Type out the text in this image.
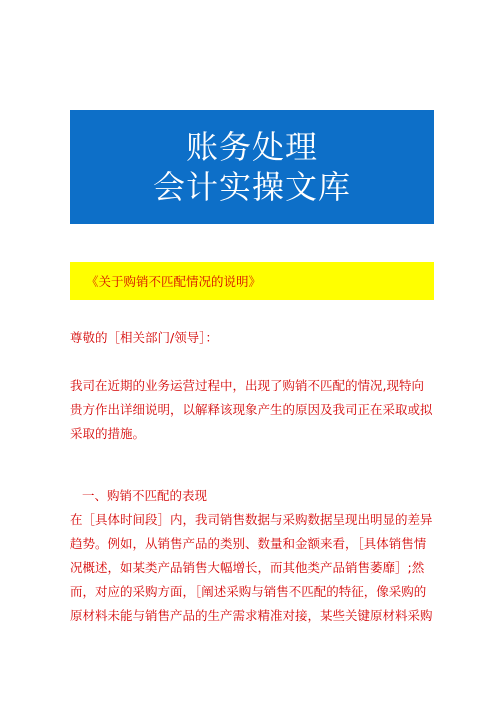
账务处理
会计实操文库
《关于购销不匹配情况的说明》

尊敬的［相关部门/领导］：

我司在近期的业务运营过程中，出现了购销不匹配的情况,现特向
贵方作出详细说明，以解释该现象产生的原因及我司正在采取或拟
采取的措施。

一、购销不匹配的表现

在［具体时间段］内，我司销售数据与采购数据呈现出明显的差异
趋势。例如，从销售产品的类别、数量和金额来看，［具体销售情
况概述，如某类产品销售大幅增长，而其他类产品销售萎靡］;然
而，对应的采购方面，［阐述采购与销售不匹配的特征，像采购的
原材料未能与销售产品的生产需求精准对接，某些关键原材料采购
